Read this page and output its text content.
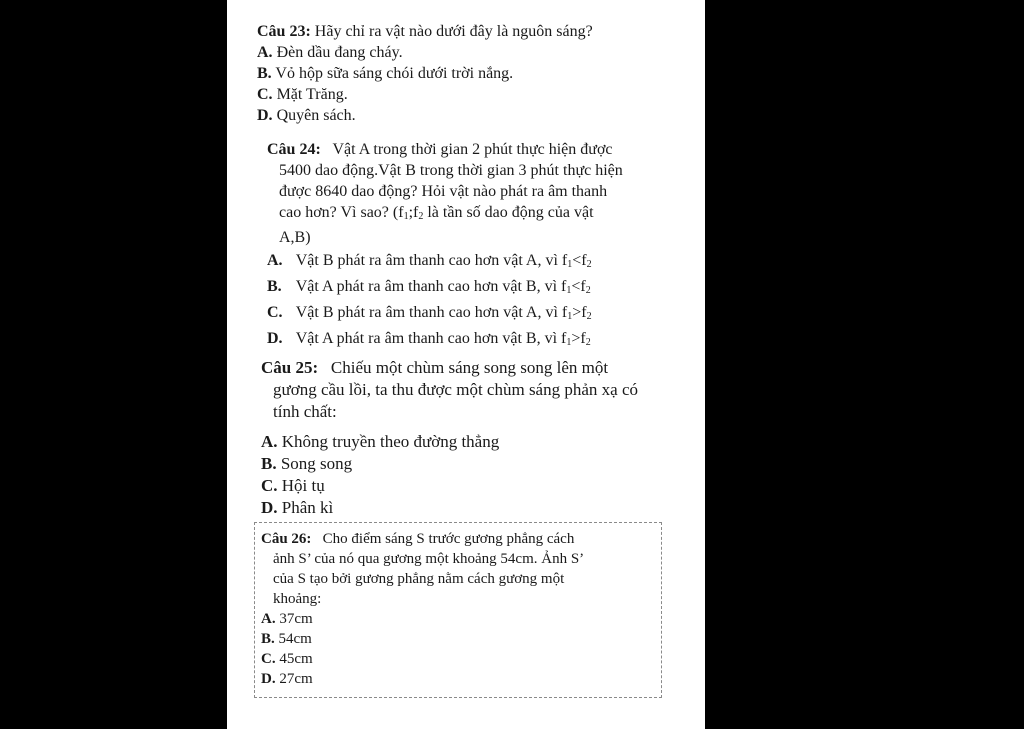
Câu 23: Hãy chỉ ra vật nào dưới đây là nguôn sáng?
A. Đèn dầu đang cháy.
B. Vỏ hộp sữa sáng chói dưới trời nắng.
C. Mặt Trăng.
D. Quyên sách.
Câu 24: Vật A trong thời gian 2 phút thực hiện được
5400 dao động.Vật B trong thời gian 3 phút thực hiện
được 8640 dao động? Hỏi vật nào phát ra âm thanh
cao hơn? Vì sao? ($f_1;f_2$ là tần số dao động của vật
A,B)
A. Vật B phát ra âm thanh cao hơn vật A, vì $f_1<f_2$
B. Vật A phát ra âm thanh cao hơn vật B, vì $f_1<f_2$
C. Vật B phát ra âm thanh cao hơn vật A, vì $f_1>f_2$
D. Vật A phát ra âm thanh cao hơn vật B, vì $f_1>f_2$
Câu 25: Chiếu một chùm sáng song song lên một
gương cầu lồi, ta thu được một chùm sáng phản xạ có
tính chất:
A. Không truyền theo đường thẳng
B. Song song
C. Hội tụ
D. Phân kì
Câu 26: Cho điểm sáng S trước gương phẳng cách
ảnh S’ của nó qua gương một khoảng 54cm. Ảnh S’
của S tạo bởi gương phẳng nằm cách gương một
khoảng:
A. 37cm
B. 54cm
C. 45cm
D. 27cm
